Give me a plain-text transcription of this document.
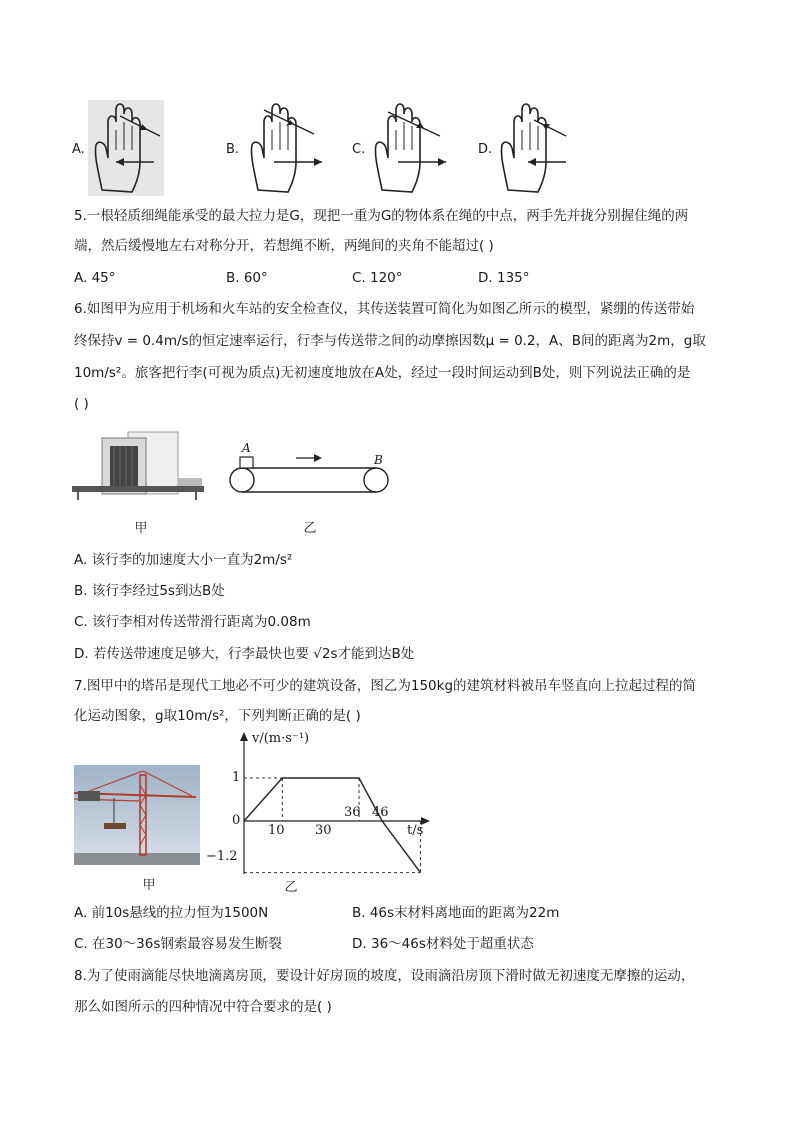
A.	B.	C.	D.
5.一根轻质细绳能承受的最大拉力是G，现把一重为G的物体系在绳的中点，两手先并拢分别握住绳的两
端，然后缓慢地左右对称分开，若想绳不断，两绳间的夹角不能超过( )
A. 45°	B. 60°	C. 120°	D. 135°
6.如图甲为应用于机场和火车站的安全检查仪，其传送装置可简化为如图乙所示的模型，紧绷的传送带始
终保持v = 0.4m/s的恒定速率运行，行李与传送带之间的动摩擦因数μ = 0.2，A、B间的距离为2m，g取
10m/s²。旅客把行李(可视为质点)无初速度地放在A处，经过一段时间运动到B处，则下列说法正确的是
( )
甲
A
B
乙
A. 该行李的加速度大小一直为2m/s²
B. 该行李经过5s到达B处
C. 该行李相对传送带滑行距离为0.08m
D. 若传送带速度足够大，行李最快也要 √2s才能到达B处
7.图甲中的塔吊是现代工地必不可少的建筑设备，图乙为150kg的建筑材料被吊车竖直向上拉起过程的简
化运动图象，g取10m/s²，下列判断正确的是( )
甲
v/(m·s⁻¹)
t/s
1
0
−1.2
10 30
36 46
乙
A. 前10s悬线的拉力恒为1500N	B. 46s末材料离地面的距离为22m
C. 在30～36s钢索最容易发生断裂	D. 36～46s材料处于超重状态
8.为了使雨滴能尽快地滴离房顶，要设计好房顶的坡度，设雨滴沿房顶下滑时做无初速度无摩擦的运动，
那么如图所示的四种情况中符合要求的是( )
